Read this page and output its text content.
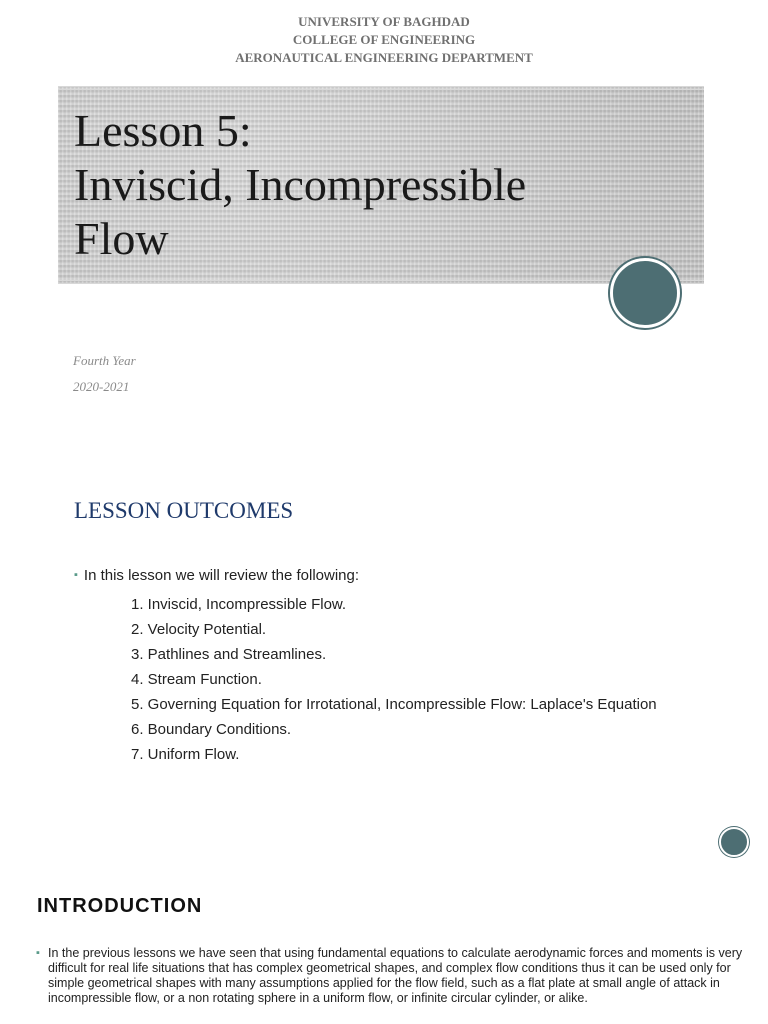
UNIVERSITY OF BAGHDAD
COLLEGE OF ENGINEERING
AERONAUTICAL ENGINEERING DEPARTMENT
Lesson 5:
Inviscid, Incompressible
Flow
Fourth Year
2020-2021
LESSON OUTCOMES
▪ In this lesson we will review the following:
1. Inviscid, Incompressible Flow.
2. Velocity Potential.
3. Pathlines and Streamlines.
4. Stream Function.
5. Governing Equation for Irrotational, Incompressible Flow: Laplace's Equation
6. Boundary Conditions.
7. Uniform Flow.
INTRODUCTION
▪ In the previous lessons we have seen that using fundamental equations to calculate aerodynamic forces and moments is very difficult for real life situations that has complex geometrical shapes, and complex flow conditions thus it can be used only for simple geometrical shapes with many assumptions applied for the flow field, such as a flat plate at small angle of attack in incompressible flow, or a non rotating sphere in a uniform flow, or infinite circular cylinder, or alike.
